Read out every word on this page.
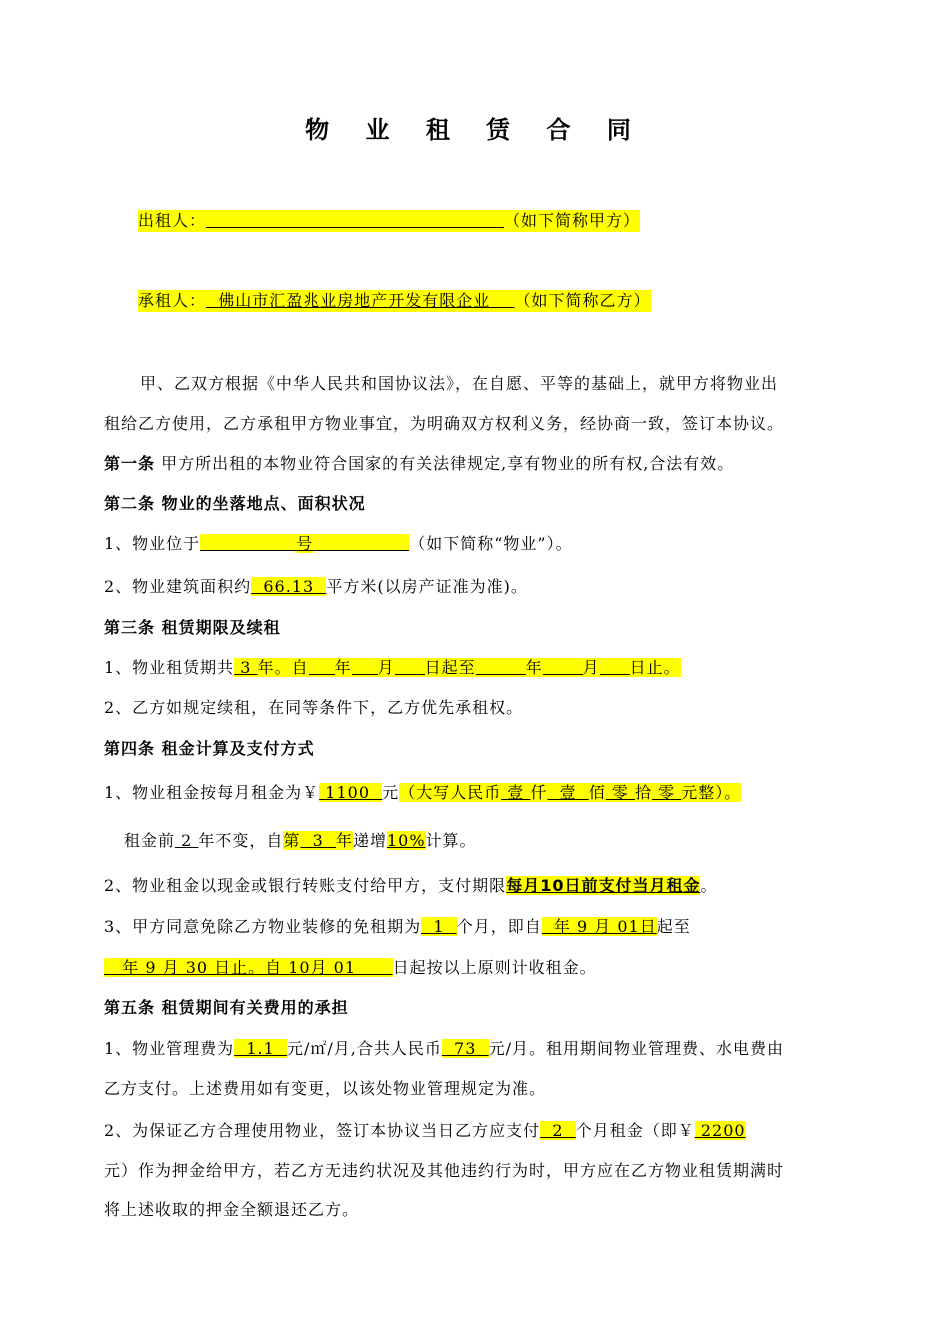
物 业 租 赁 合 同
出租人：	（如下简称甲方）
承租人： 佛山市汇盈兆业房地产开发有限企业 （如下简称乙方）
甲、乙双方根据《中华人民共和国协议法》，在自愿、平等的基础上，就甲方将物业出
租给乙方使用，乙方承租甲方物业事宜，为明确双方权利义务，经协商一致，签订本协议。
第一条 甲方所出租的本物业符合国家的有关法律规定,享有物业的所有权,合法有效。
第二条 物业的坐落地点、面积状况
1、物业位于	号	（如下简称“物业”）。
2、物业建筑面积约 66.13 平方米(以房产证准为准)。
第三条 租赁期限及续租
1、物业租赁期共 3 年。自 年 月 日起至	年	月 日止。
2、乙方如规定续租，在同等条件下，乙方优先承租权。
第四条 租金计算及支付方式
1、物业租金按每月租金为￥ 1100 元（大写人民币 壹 仟 壹 佰 零 拾 零 元整）。
租金前 2 年不变，自第 3 年递增10%计算。
2、物业租金以现金或银行转账支付给甲方，支付期限每月10日前支付当月租金。
3、甲方同意免除乙方物业装修的免租期为 1 个月，即自 年 9 月 01日起至
年 9 月 30 日止。自 10月 01 日起按以上原则计收租金。
第五条 租赁期间有关费用的承担
1、物业管理费为 1.1 元/㎡/月,合共人民币 73 元/月。租用期间物业管理费、水电费由
乙方支付。上述费用如有变更，以该处物业管理规定为准。
2、为保证乙方合理使用物业，签订本协议当日乙方应支付 2 个月租金（即￥ 2200
元）作为押金给甲方，若乙方无违约状况及其他违约行为时，甲方应在乙方物业租赁期满时
将上述收取的押金全额退还乙方。
